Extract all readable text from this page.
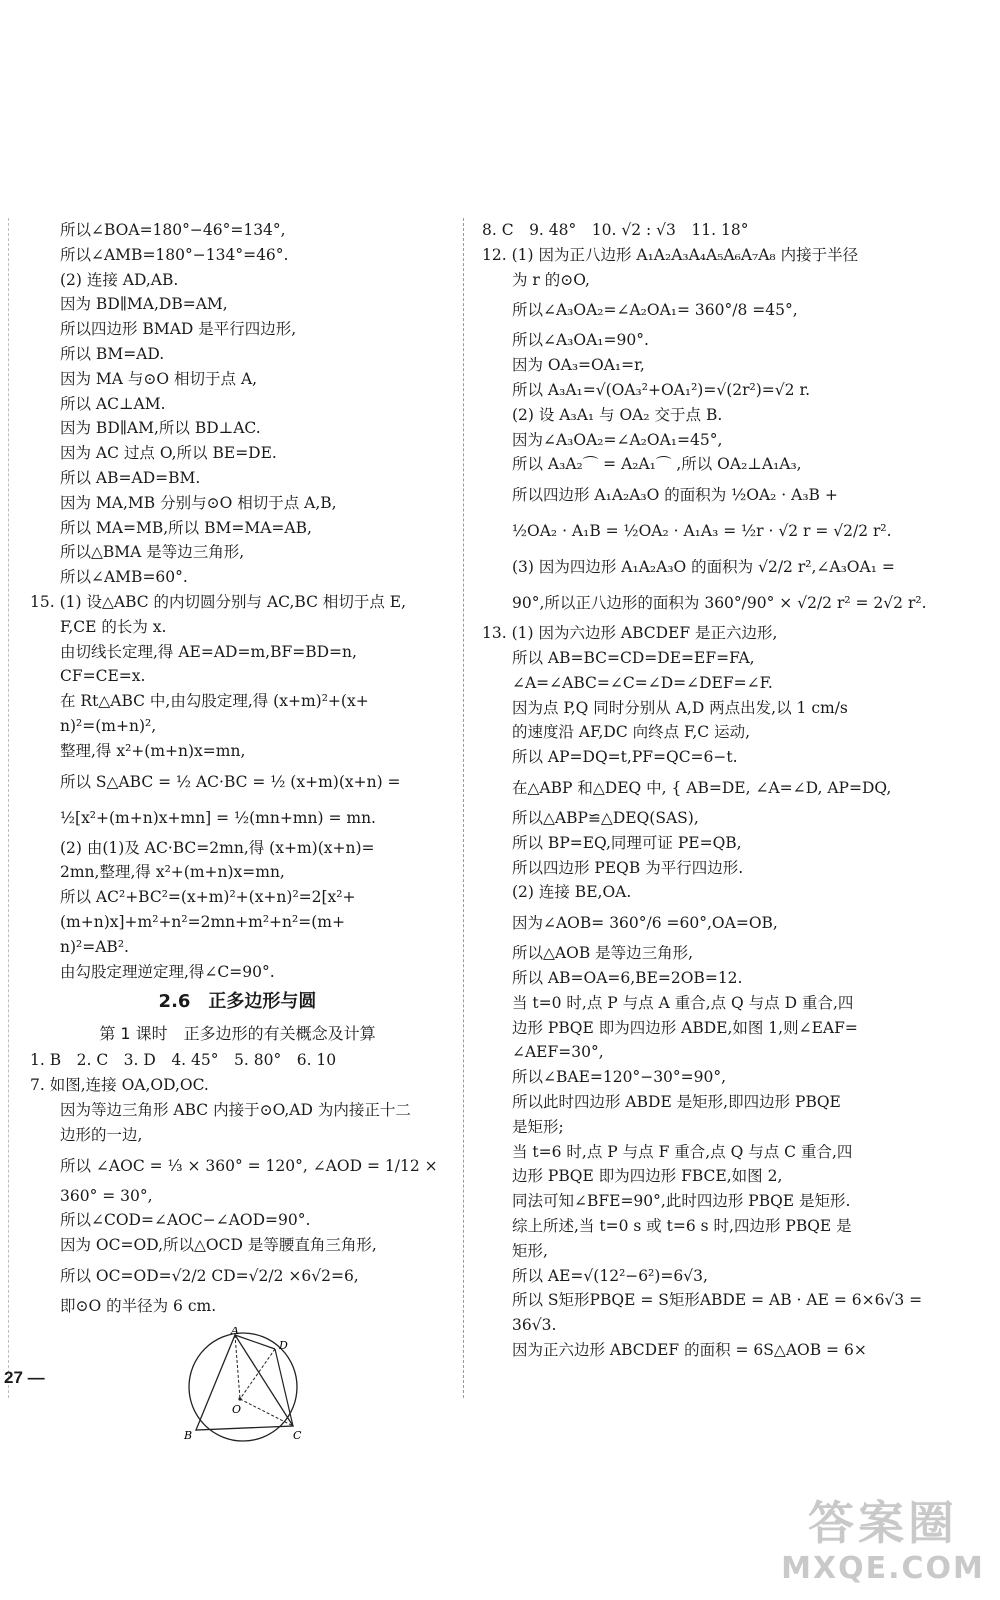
所以∠BOA=180°−46°=134°,
所以∠AMB=180°−134°=46°.
(2) 连接 AD,AB.
因为 BD∥MA,DB=AM,
所以四边形 BMAD 是平行四边形,
所以 BM=AD.
因为 MA 与⊙O 相切于点 A,
所以 AC⊥AM.
因为 BD∥AM,所以 BD⊥AC.
因为 AC 过点 O,所以 BE=DE.
所以 AB=AD=BM.
因为 MA,MB 分别与⊙O 相切于点 A,B,
所以 MA=MB,所以 BM=MA=AB,
所以△BMA 是等边三角形,
所以∠AMB=60°.
15. (1) 设△ABC 的内切圆分别与 AC,BC 相切于点 E,
F,CE 的长为 x.
由切线长定理,得 AE=AD=m,BF=BD=n,
CF=CE=x.
在 Rt△ABC 中,由勾股定理,得 (x+m)²+(x+
n)²=(m+n)²,
整理,得 x²+(m+n)x=mn,
所以 S△ABC = ½ AC·BC = ½ (x+m)(x+n) =
½[x²+(m+n)x+mn] = ½(mn+mn) = mn.
(2) 由(1)及 AC·BC=2mn,得 (x+m)(x+n)=
2mn,整理,得 x²+(m+n)x=mn,
所以 AC²+BC²=(x+m)²+(x+n)²=2[x²+
(m+n)x]+m²+n²=2mn+m²+n²=(m+
n)²=AB².
由勾股定理逆定理,得∠C=90°.
2.6　正多边形与圆
第 1 课时　正多边形的有关概念及计算
1. B　2. C　3. D　4. 45°　5. 80°　6. 10
7. 如图,连接 OA,OD,OC.
因为等边三角形 ABC 内接于⊙O,AD 为内接正十二
边形的一边,
所以 ∠AOC = ⅓ × 360° = 120°, ∠AOD = 1/12 ×
360° = 30°,
所以∠COD=∠AOC−∠AOD=90°.
因为 OC=OD,所以△OCD 是等腰直角三角形,
所以 OC=OD=√2/2 CD=√2/2 ×6√2=6,
即⊙O 的半径为 6 cm.
A
D
O
B	C
8. C　9. 48°　10. √2 : √3　11. 18°
12. (1) 因为正八边形 A₁A₂A₃A₄A₅A₆A₇A₈ 内接于半径
为 r 的⊙O,
所以∠A₃OA₂=∠A₂OA₁= 360°/8 =45°,
所以∠A₃OA₁=90°.
因为 OA₃=OA₁=r,
所以 A₃A₁=√(OA₃²+OA₁²)=√(2r²)=√2 r.
(2) 设 A₃A₁ 与 OA₂ 交于点 B.
因为∠A₃OA₂=∠A₂OA₁=45°,
所以 A₃A₂⌒ = A₂A₁⌒ ,所以 OA₂⊥A₁A₃,
所以四边形 A₁A₂A₃O 的面积为 ½OA₂ · A₃B +
½OA₂ · A₁B = ½OA₂ · A₁A₃ = ½r · √2 r = √2/2 r².
(3) 因为四边形 A₁A₂A₃O 的面积为 √2/2 r²,∠A₃OA₁ =
90°,所以正八边形的面积为 360°/90° × √2/2 r² = 2√2 r².
13. (1) 因为六边形 ABCDEF 是正六边形,
所以 AB=BC=CD=DE=EF=FA,
∠A=∠ABC=∠C=∠D=∠DEF=∠F.
因为点 P,Q 同时分别从 A,D 两点出发,以 1 cm/s
的速度沿 AF,DC 向终点 F,C 运动,
所以 AP=DQ=t,PF=QC=6−t.
在△ABP 和△DEQ 中, { AB=DE, ∠A=∠D, AP=DQ,
所以△ABP≌△DEQ(SAS),
所以 BP=EQ,同理可证 PE=QB,
所以四边形 PEQB 为平行四边形.
(2) 连接 BE,OA.
因为∠AOB= 360°/6 =60°,OA=OB,
所以△AOB 是等边三角形,
所以 AB=OA=6,BE=2OB=12.
当 t=0 时,点 P 与点 A 重合,点 Q 与点 D 重合,四
边形 PBQE 即为四边形 ABDE,如图 1,则∠EAF=
∠AEF=30°,
所以∠BAE=120°−30°=90°,
所以此时四边形 ABDE 是矩形,即四边形 PBQE
是矩形;
当 t=6 时,点 P 与点 F 重合,点 Q 与点 C 重合,四
边形 PBQE 即为四边形 FBCE,如图 2,
同法可知∠BFE=90°,此时四边形 PBQE 是矩形.
综上所述,当 t=0 s 或 t=6 s 时,四边形 PBQE 是
矩形,
所以 AE=√(12²−6²)=6√3,
所以 S矩形PBQE = S矩形ABDE = AB · AE = 6×6√3 =
36√3.
因为正六边形 ABCDEF 的面积 = 6S△AOB = 6×
27 —
答案圈
MXQE.COM
